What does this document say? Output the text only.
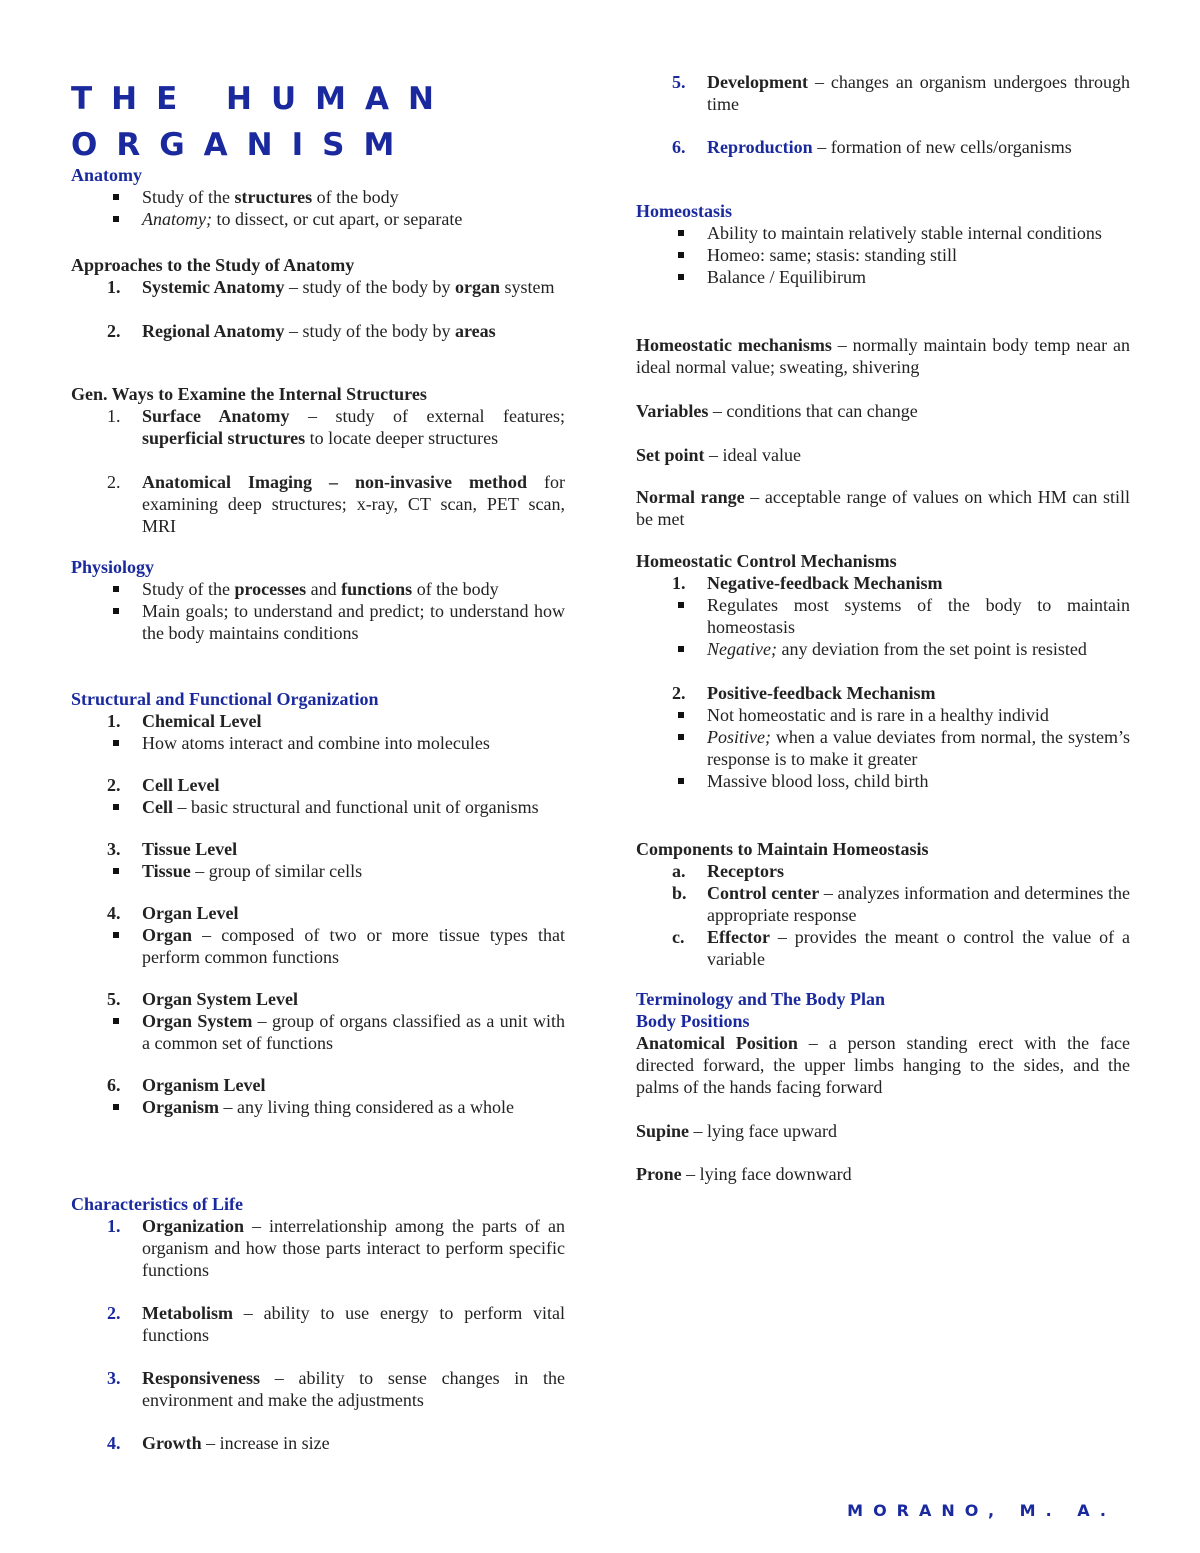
THE HUMAN
ORGANISM
Anatomy
Study of the structures of the body
Anatomy; to dissect, or cut apart, or separate
Approaches to the Study of Anatomy
1.	Systemic Anatomy – study of the body by organ system
2.	Regional Anatomy – study of the body by areas
Gen. Ways to Examine the Internal Structures
1.	Surface Anatomy – study of external features; superficial structures to locate deeper structures
2.	Anatomical Imaging – non-invasive method for examining deep structures; x-ray, CT scan, PET scan, MRI
Physiology
Study of the processes and functions of the body
Main goals; to understand and predict; to understand how the body maintains conditions
Structural and Functional Organization
1.	Chemical Level
How atoms interact and combine into molecules
2.	Cell Level
Cell – basic structural and functional unit of organisms
3.	Tissue Level
Tissue – group of similar cells
4.	Organ Level
Organ – composed of two or more tissue types that perform common functions
5.	Organ System Level
Organ System – group of organs classified as a unit with a common set of functions
6.	Organism Level
Organism – any living thing considered as a whole
Characteristics of Life
1.	Organization – interrelationship among the parts of an organism and how those parts interact to perform specific functions
2.	Metabolism – ability to use energy to perform vital functions
3.	Responsiveness – ability to sense changes in the environment and make the adjustments
4.	Growth – increase in size
5.	Development – changes an organism undergoes through time
6.	Reproduction – formation of new cells/organisms
Homeostasis
Ability to maintain relatively stable internal conditions
Homeo: same; stasis: standing still
Balance / Equilibirum
Homeostatic mechanisms – normally maintain body temp near an ideal normal value; sweating, shivering
Variables – conditions that can change
Set point – ideal value
Normal range – acceptable range of values on which HM can still be met
Homeostatic Control Mechanisms
1.	Negative-feedback Mechanism
Regulates most systems of the body to maintain homeostasis
Negative; any deviation from the set point is resisted
2.	Positive-feedback Mechanism
Not homeostatic and is rare in a healthy individ
Positive; when a value deviates from normal, the system’s response is to make it greater
Massive blood loss, child birth
Components to Maintain Homeostasis
a.	Receptors
b.	Control center – analyzes information and determines the appropriate response
c.	Effector – provides the meant o control the value of a variable
Terminology and The Body Plan
Body Positions
Anatomical Position – a person standing erect with the face directed forward, the upper limbs hanging to the sides, and the palms of the hands facing forward
Supine – lying face upward
Prone – lying face downward
MORANO, M. A.
